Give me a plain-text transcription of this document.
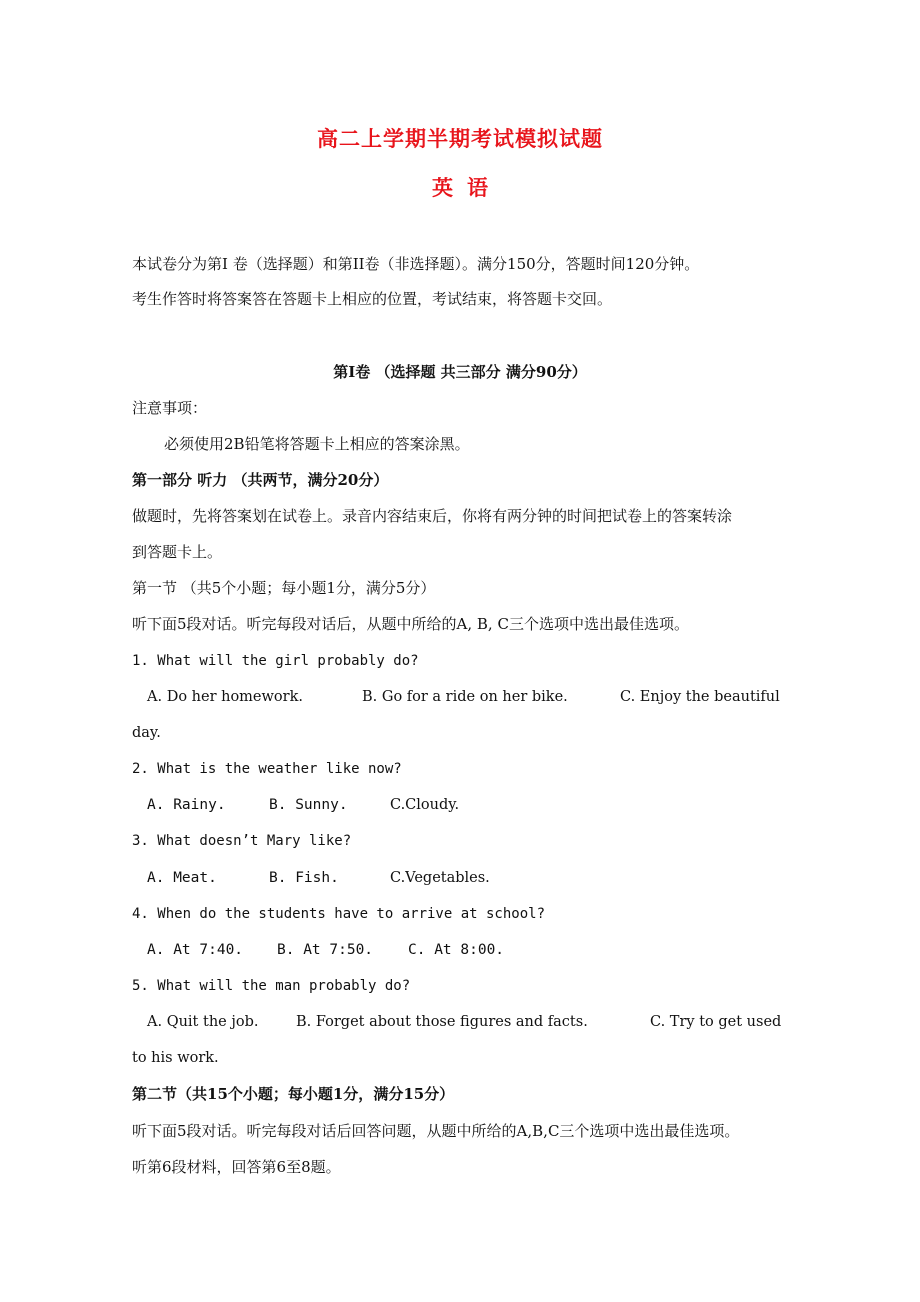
高二上学期半期考试模拟试题
英语
本试卷分为第Ⅰ 卷（选择题）和第II卷（非选择题）。满分150分，答题时间120分钟。
考生作答时将答案答在答题卡上相应的位置，考试结束，将答题卡交回。
第Ⅰ卷 （选择题 共三部分 满分90分）
注意事项：
必须使用2B铅笔将答题卡上相应的答案涂黑。
第一部分 听力 （共两节，满分20分）
做题时，先将答案划在试卷上。录音内容结束后，你将有两分钟的时间把试卷上的答案转涂
到答题卡上。
第一节 （共5个小题；每小题1分，满分5分）
听下面5段对话。听完每段对话后，从题中所给的A, B, C三个选项中选出最佳选项。
1. What will the girl probably do?
A. Do her homework.	B. Go for a ride on her bike.	C. Enjoy the beautiful
day.
2. What is the weather like now?
A. Rainy.	B. Sunny.	C.Cloudy.
3. What doesn’t Mary like?
A. Meat.	B. Fish.	C.Vegetables.
4. When do the students have to arrive at school?
A. At 7:40. B. At 7:50. C. At 8:00.
5. What will the man probably do?
A. Quit the job.	B. Forget about those figures and facts.	C. Try to get used
to his work.
第二节（共15个小题；每小题1分，满分15分）
听下面5段对话。听完每段对话后回答问题，从题中所给的A,B,C三个选项中选出最佳选项。
听第6段材料，回答第6至8题。
